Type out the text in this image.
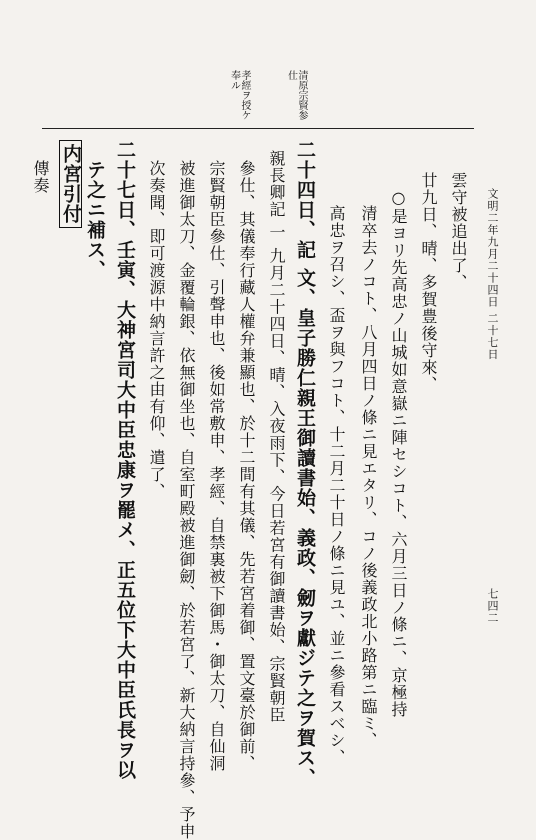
文明二年九月二十四日 二十七日
七四二
清原宗賢参仕
孝經ヲ授ケ奉ル
雲守被追出了、
廿九日、晴、多賀豊後守來、
○是ヨリ先高忠ノ山城如意嶽ニ陣セシコト、六月三日ノ條ニ、京極持
清卒去ノコト、八月四日ノ條ニ見エタリ、コノ後義政北小路第ニ臨ミ、
高忠ヲ召シ、盃ヲ與フコト、十二月二十日ノ條ニ見ユ、並ニ參看スベシ、
二十四日、記 文、皇子勝仁親王御讀書始、義政、劒ヲ獻ジテ之ヲ賀ス、
親長卿記 一 九月二十四日、晴、入夜雨下、今日若宮有御讀書始、宗賢朝臣
參仕、其儀奉行藏人權弁兼顯也、於十二間有其儀、先若宮着御、置文臺於御前、
宗賢朝臣參仕、引聲申也、後如常敷申、孝經、自禁裏被下御馬・御太刀、自仙洞
被進御太刀、金覆輪銀、依無御坐也、自室町殿被進御劒、於若宮了、新大納言持參、予申
次奏聞、即可渡源中納言許之由有仰、遣了、
二十七日、壬寅、大神宮司大中臣忠康ヲ罷メ、正五位下大中臣氏長ヲ以
テ之ニ補ス、
内宮引付
傳奏
